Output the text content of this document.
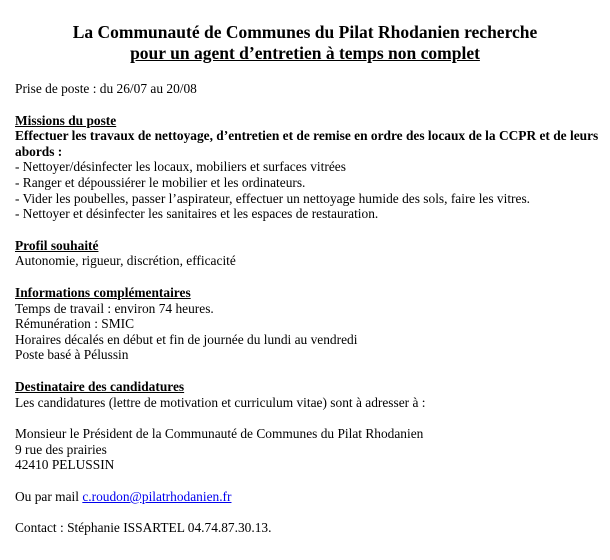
La Communauté de Communes du Pilat Rhodanien recherche
pour un agent d’entretien à temps non complet

Prise de poste : du 26/07 au 20/08

Missions du poste

Effectuer les travaux de nettoyage, d’entretien et de remise en ordre des locaux de la CCPR et de leurs abords :

- Nettoyer/désinfecter les locaux, mobiliers et surfaces vitrées

- Ranger et dépoussiérer le mobilier et les ordinateurs.

- Vider les poubelles, passer l’aspirateur, effectuer un nettoyage humide des sols, faire les vitres.

- Nettoyer et désinfecter les sanitaires et les espaces de restauration.

Profil souhaité

Autonomie, rigueur, discrétion, efficacité

Informations complémentaires

Temps de travail : environ 74 heures.

Rémunération : SMIC

Horaires décalés en début et fin de journée du lundi au vendredi

Poste basé à Pélussin

Destinataire des candidatures

Les candidatures (lettre de motivation et curriculum vitae) sont à adresser à :

Monsieur le Président de la Communauté de Communes du Pilat Rhodanien

9 rue des prairies

42410 PELUSSIN

Ou par mail c.roudon@pilatrhodanien.fr

Contact : Stéphanie ISSARTEL 04.74.87.30.13.
